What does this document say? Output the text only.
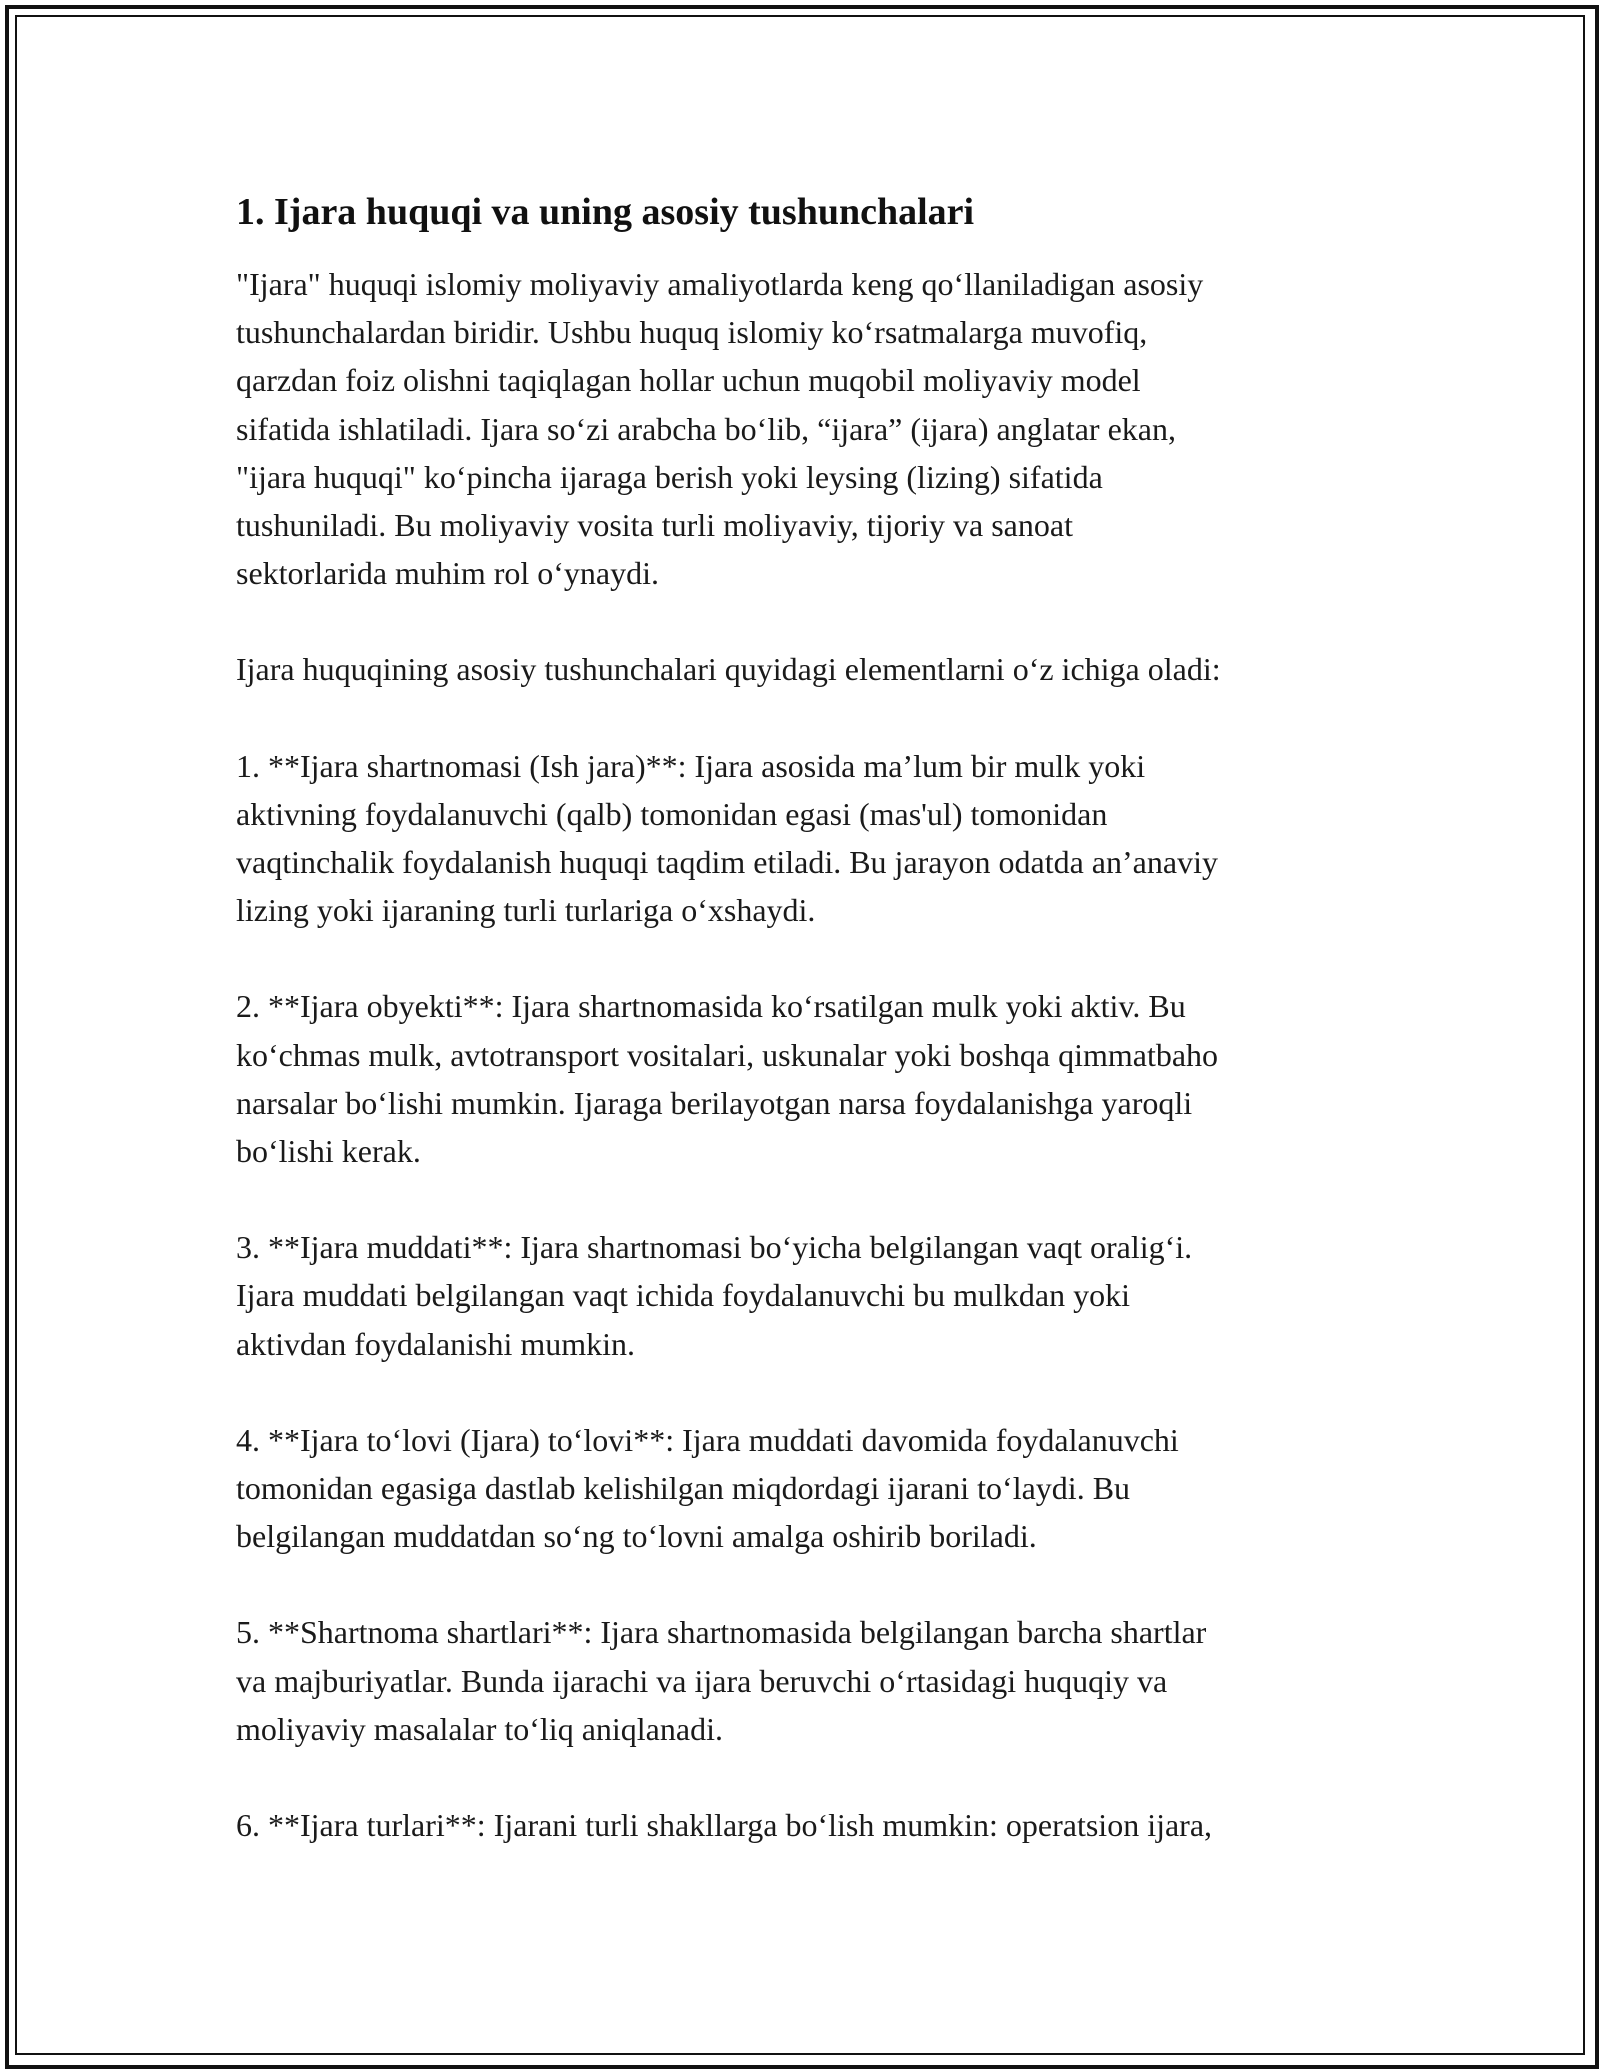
1. Ijara huquqi va uning asosiy tushunchalari

"Ijara" huquqi islomiy moliyaviy amaliyotlarda keng qo‘llaniladigan asosiy
tushunchalardan biridir. Ushbu huquq islomiy ko‘rsatmalarga muvofiq,
qarzdan foiz olishni taqiqlagan hollar uchun muqobil moliyaviy model
sifatida ishlatiladi. Ijara so‘zi arabcha bo‘lib, “ijara” (ijara) anglatar ekan,
"ijara huquqi" ko‘pincha ijaraga berish yoki leysing (lizing) sifatida
tushuniladi. Bu moliyaviy vosita turli moliyaviy, tijoriy va sanoat
sektorlarida muhim rol o‘ynaydi.

Ijara huquqining asosiy tushunchalari quyidagi elementlarni o‘z ichiga oladi:

1. **Ijara shartnomasi (Ish jara)**: Ijara asosida ma’lum bir mulk yoki
aktivning foydalanuvchi (qalb) tomonidan egasi (mas'ul) tomonidan
vaqtinchalik foydalanish huquqi taqdim etiladi. Bu jarayon odatda an’anaviy
lizing yoki ijaraning turli turlariga o‘xshaydi.

2. **Ijara obyekti**: Ijara shartnomasida ko‘rsatilgan mulk yoki aktiv. Bu
ko‘chmas mulk, avtotransport vositalari, uskunalar yoki boshqa qimmatbaho
narsalar bo‘lishi mumkin. Ijaraga berilayotgan narsa foydalanishga yaroqli
bo‘lishi kerak.

3. **Ijara muddati**: Ijara shartnomasi bo‘yicha belgilangan vaqt oralig‘i.
Ijara muddati belgilangan vaqt ichida foydalanuvchi bu mulkdan yoki
aktivdan foydalanishi mumkin.

4. **Ijara to‘lovi (Ijara) to‘lovi**: Ijara muddati davomida foydalanuvchi
tomonidan egasiga dastlab kelishilgan miqdordagi ijarani to‘laydi. Bu
belgilangan muddatdan so‘ng to‘lovni amalga oshirib boriladi.

5. **Shartnoma shartlari**: Ijara shartnomasida belgilangan barcha shartlar
va majburiyatlar. Bunda ijarachi va ijara beruvchi o‘rtasidagi huquqiy va
moliyaviy masalalar to‘liq aniqlanadi.

6. **Ijara turlari**: Ijarani turli shakllarga bo‘lish mumkin: operatsion ijara,
